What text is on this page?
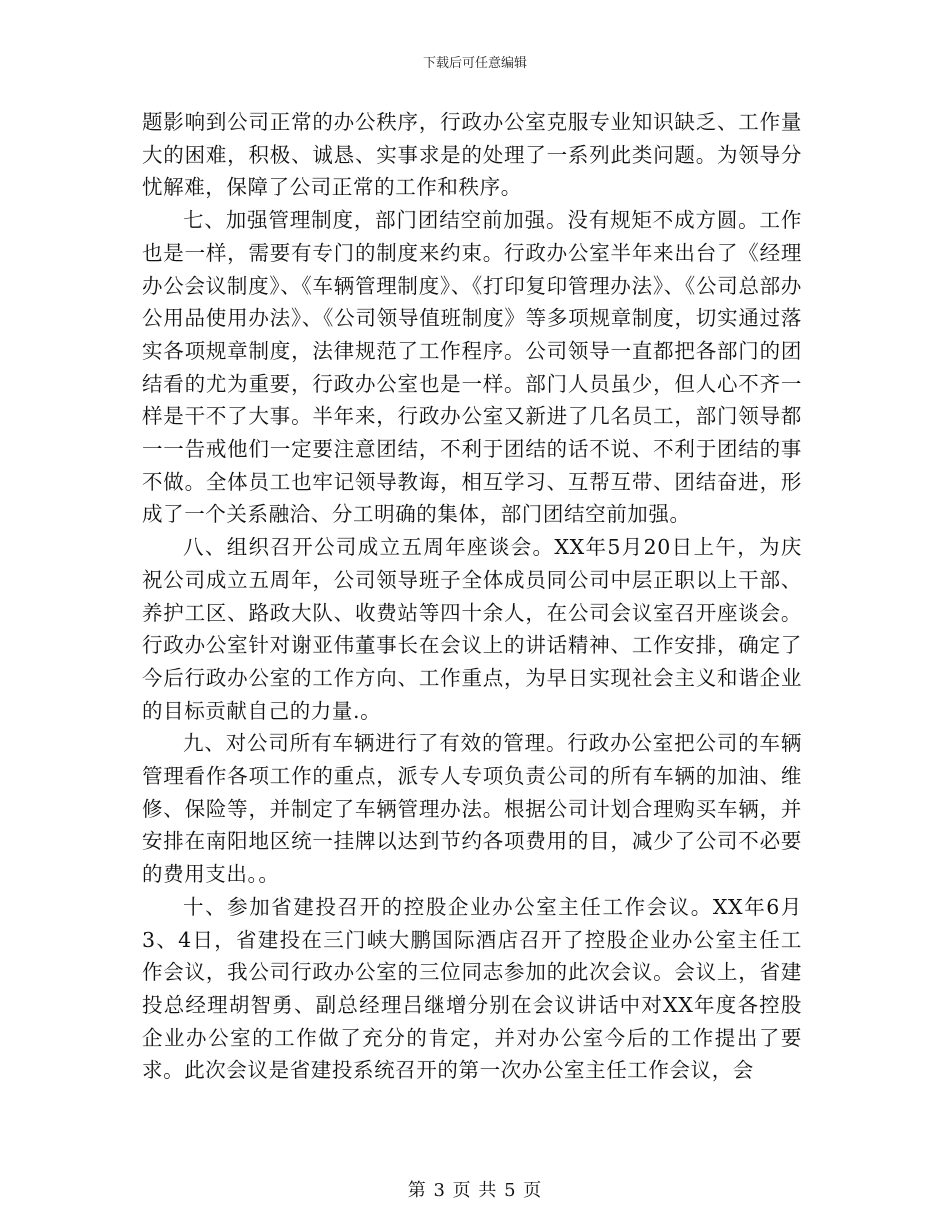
下载后可任意编辑

题影响到公司正常的办公秩序，行政办公室克服专业知识缺乏、工作量大的困难，积极、诚恳、实事求是的处理了一系列此类问题。为领导分忧解难，保障了公司正常的工作和秩序。

七、加强管理制度，部门团结空前加强。没有规矩不成方圆。工作也是一样，需要有专门的制度来约束。行政办公室半年来出台了《经理办公会议制度》、《车辆管理制度》、《打印复印管理办法》、《公司总部办公用品使用办法》、《公司领导值班制度》等多项规章制度，切实通过落实各项规章制度，法律规范了工作程序。公司领导一直都把各部门的团结看的尤为重要，行政办公室也是一样。部门人员虽少，但人心不齐一样是干不了大事。半年来，行政办公室又新进了几名员工，部门领导都一一告戒他们一定要注意团结，不利于团结的话不说、不利于团结的事不做。全体员工也牢记领导教诲，相互学习、互帮互带、团结奋进，形成了一个关系融洽、分工明确的集体，部门团结空前加强。

八、组织召开公司成立五周年座谈会。XX年5月20日上午，为庆祝公司成立五周年，公司领导班子全体成员同公司中层正职以上干部、养护工区、路政大队、收费站等四十余人，在公司会议室召开座谈会。行政办公室针对谢亚伟董事长在会议上的讲话精神、工作安排，确定了今后行政办公室的工作方向、工作重点，为早日实现社会主义和谐企业的目标贡献自己的力量.。

九、对公司所有车辆进行了有效的管理。行政办公室把公司的车辆管理看作各项工作的重点，派专人专项负责公司的所有车辆的加油、维修、保险等，并制定了车辆管理办法。根据公司计划合理购买车辆，并安排在南阳地区统一挂牌以达到节约各项费用的目，减少了公司不必要的费用支出。。

十、参加省建投召开的控股企业办公室主任工作会议。XX年6月3、4日，省建投在三门峡大鹏国际酒店召开了控股企业办公室主任工作会议，我公司行政办公室的三位同志参加的此次会议。会议上，省建投总经理胡智勇、副总经理吕继增分别在会议讲话中对XX年度各控股企业办公室的工作做了充分的肯定，并对办公室今后的工作提出了要求。此次会议是省建投系统召开的第一次办公室主任工作会议，会

第 3 页 共 5 页
